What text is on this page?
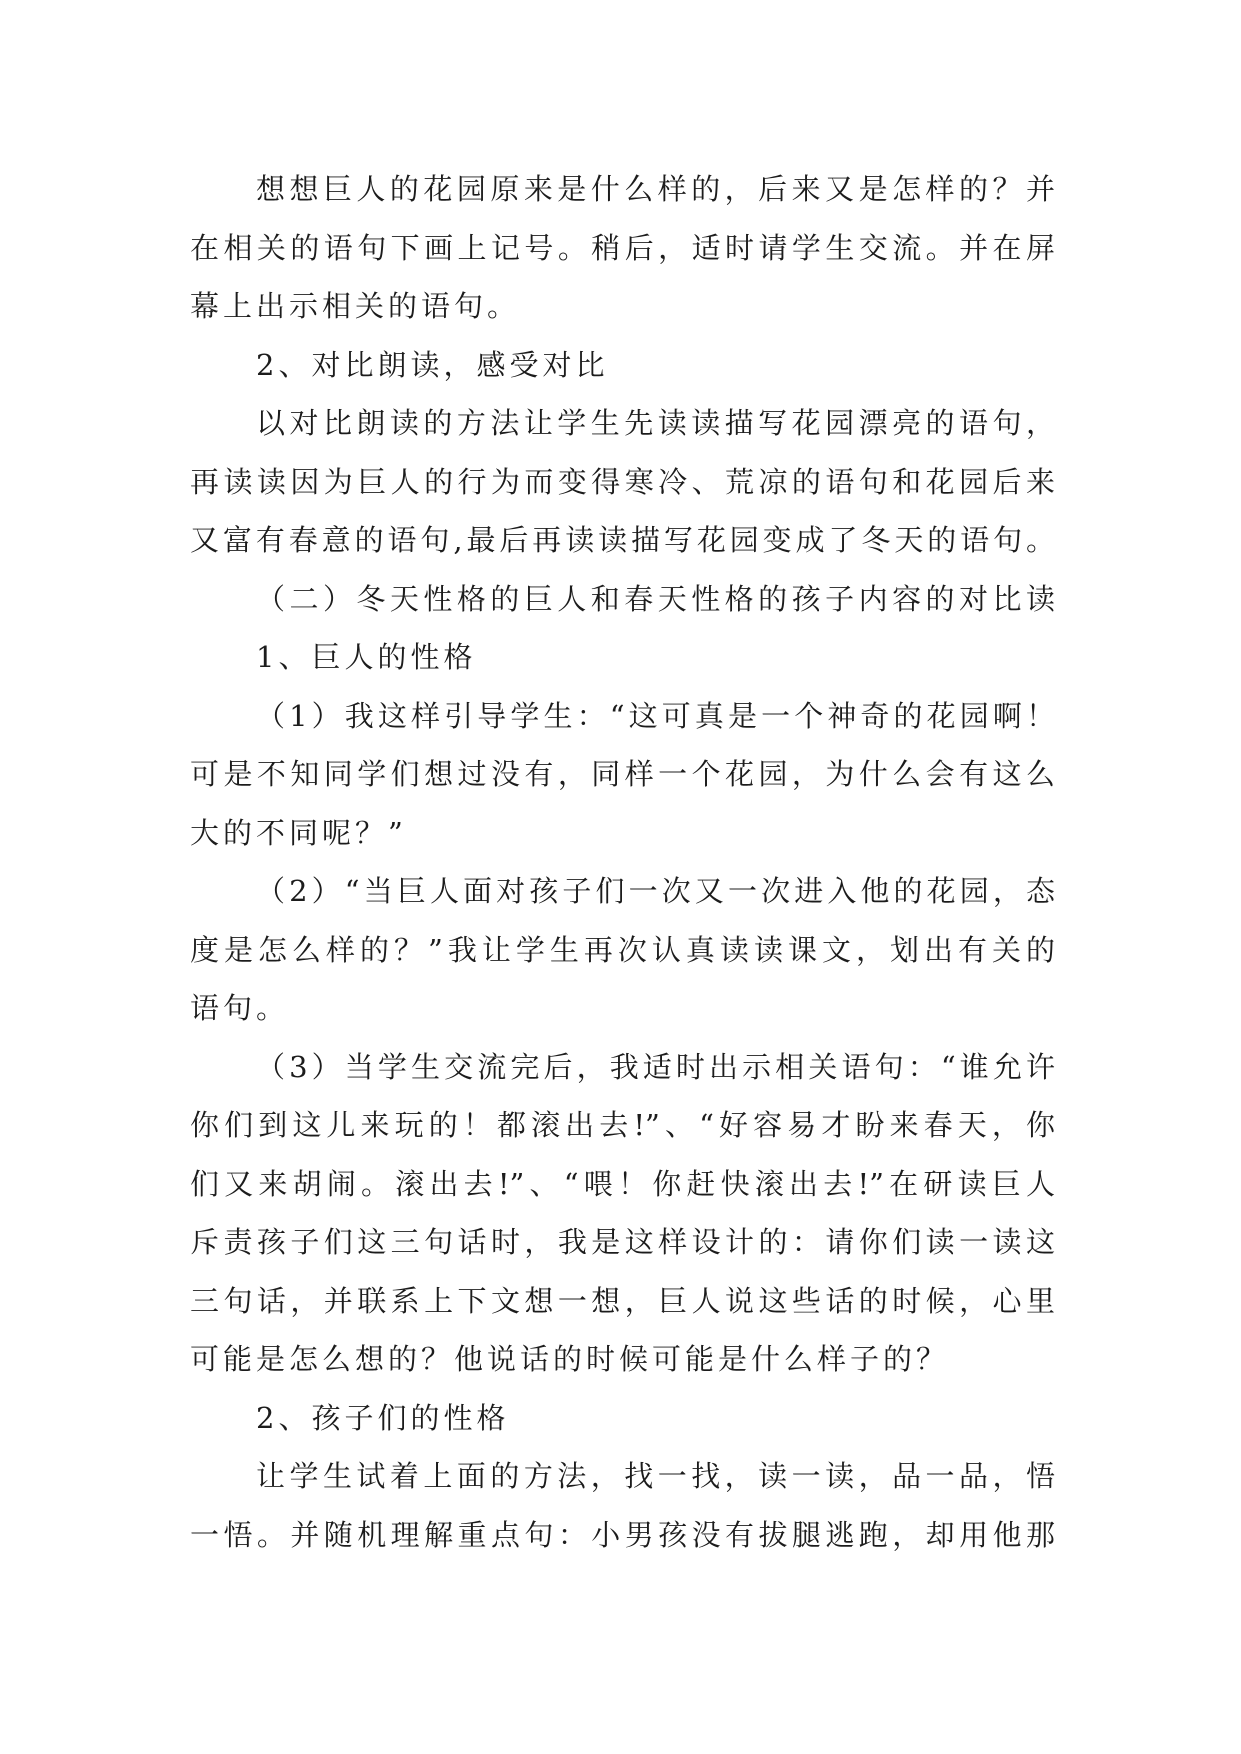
想想巨人的花园原来是什么样的，后来又是怎样的？并
在相关的语句下画上记号。稍后，适时请学生交流。并在屏
幕上出示相关的语句。
2、对比朗读，感受对比
以对比朗读的方法让学生先读读描写花园漂亮的语句，
再读读因为巨人的行为而变得寒冷、荒凉的语句和花园后来
又富有春意的语句,最后再读读描写花园变成了冬天的语句。
（二）冬天性格的巨人和春天性格的孩子内容的对比读
1、巨人的性格
（1）我这样引导学生：“这可真是一个神奇的花园啊！
可是不知同学们想过没有，同样一个花园，为什么会有这么
大的不同呢？”
（2）“当巨人面对孩子们一次又一次进入他的花园，态
度是怎么样的？”我让学生再次认真读读课文，划出有关的
语句。
（3）当学生交流完后，我适时出示相关语句：“谁允许
你们到这儿来玩的！都滚出去!”、“好容易才盼来春天，你
们又来胡闹。滚出去!”、“喂！你赶快滚出去!”在研读巨人
斥责孩子们这三句话时，我是这样设计的：请你们读一读这
三句话，并联系上下文想一想，巨人说这些话的时候，心里
可能是怎么想的？他说话的时候可能是什么样子的？
2、孩子们的性格
让学生试着上面的方法，找一找，读一读，品一品，悟
一悟。并随机理解重点句：小男孩没有拔腿逃跑，却用他那
